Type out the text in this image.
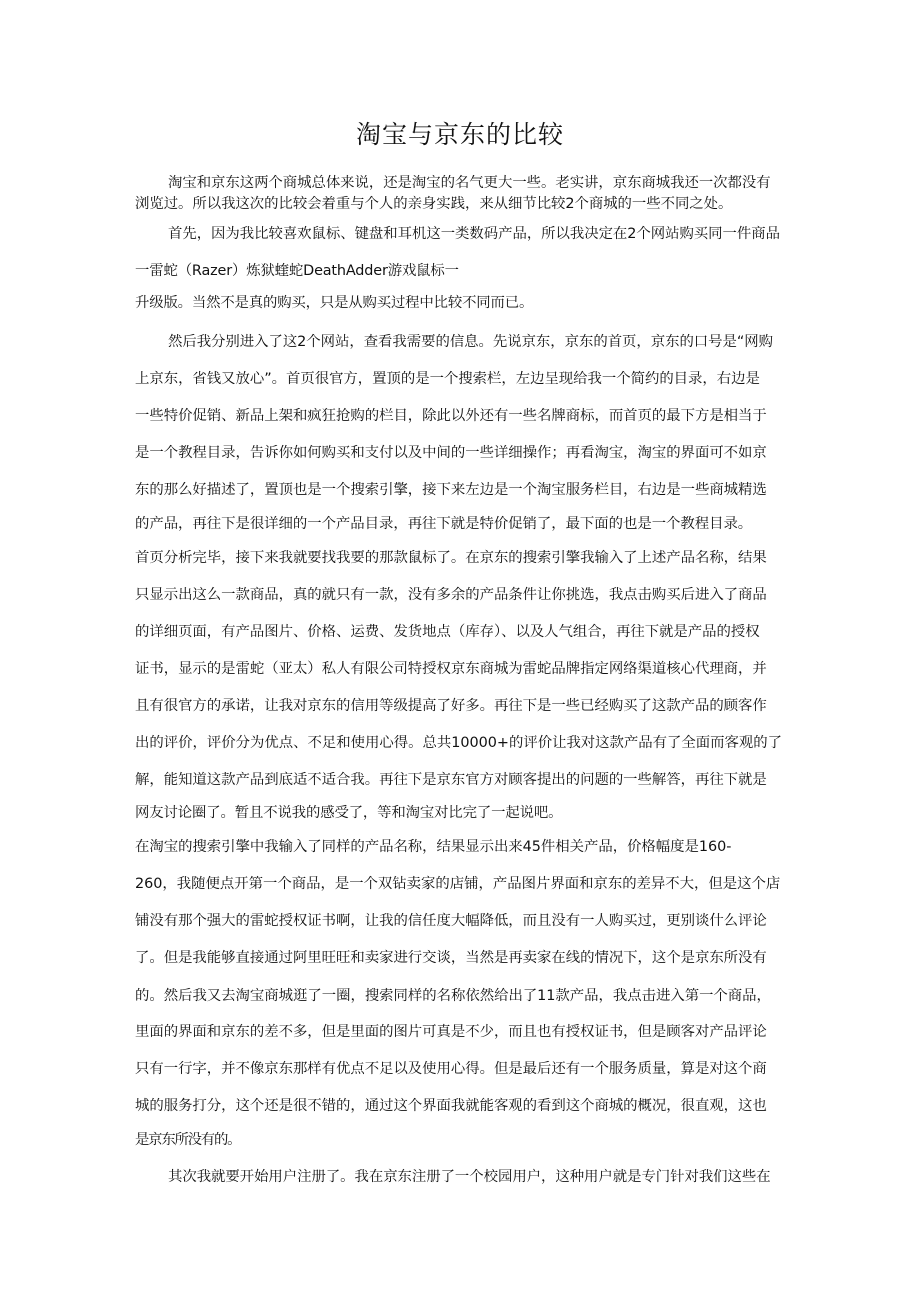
淘宝与京东的比较
淘宝和京东这两个商城总体来说，还是淘宝的名气更大一些。老实讲，京东商城我还一次都没有
浏览过。所以我这次的比较会着重与个人的亲身实践，来从细节比较2个商城的一些不同之处。
首先，因为我比较喜欢鼠标、键盘和耳机这一类数码产品，所以我决定在2个网站购买同一件商品
一雷蛇（Razer）炼狱蝰蛇DeathAdder游戏鼠标一
升级版。当然不是真的购买，只是从购买过程中比较不同而已。
然后我分别进入了这2个网站，查看我需要的信息。先说京东，京东的首页，京东的口号是“网购
上京东，省钱又放心”。首页很官方，置顶的是一个搜索栏，左边呈现给我一个简约的目录，右边是
一些特价促销、新品上架和疯狂抢购的栏目，除此以外还有一些名牌商标，而首页的最下方是相当于
是一个教程目录，告诉你如何购买和支付以及中间的一些详细操作；再看淘宝，淘宝的界面可不如京
东的那么好描述了，置顶也是一个搜索引擎，接下来左边是一个淘宝服务栏目，右边是一些商城精选
的产品，再往下是很详细的一个产品目录，再往下就是特价促销了，最下面的也是一个教程目录。
首页分析完毕，接下来我就要找我要的那款鼠标了。在京东的搜索引擎我输入了上述产品名称，结果
只显示出这么一款商品，真的就只有一款，没有多余的产品条件让你挑选，我点击购买后进入了商品
的详细页面，有产品图片、价格、运费、发货地点（库存）、以及人气组合，再往下就是产品的授权
证书，显示的是雷蛇（亚太）私人有限公司特授权京东商城为雷蛇品牌指定网络渠道核心代理商，并
且有很官方的承诺，让我对京东的信用等级提高了好多。再往下是一些已经购买了这款产品的顾客作
出的评价，评价分为优点、不足和使用心得。总共10000+的评价让我对这款产品有了全面而客观的了
解，能知道这款产品到底适不适合我。再往下是京东官方对顾客提出的问题的一些解答，再往下就是
网友讨论圈了。暂且不说我的感受了，等和淘宝对比完了一起说吧。
在淘宝的搜索引擎中我输入了同样的产品名称，结果显示出来45件相关产品，价格幅度是160-
260，我随便点开第一个商品，是一个双钻卖家的店铺，产品图片界面和京东的差异不大，但是这个店
铺没有那个强大的雷蛇授权证书啊，让我的信任度大幅降低，而且没有一人购买过，更别谈什么评论
了。但是我能够直接通过阿里旺旺和卖家进行交谈，当然是再卖家在线的情况下，这个是京东所没有
的。然后我又去淘宝商城逛了一圈，搜索同样的名称依然给出了11款产品，我点击进入第一个商品，
里面的界面和京东的差不多，但是里面的图片可真是不少，而且也有授权证书，但是顾客对产品评论
只有一行字，并不像京东那样有优点不足以及使用心得。但是最后还有一个服务质量，算是对这个商
城的服务打分，这个还是很不错的，通过这个界面我就能客观的看到这个商城的概况，很直观，这也
是京东所没有的。
其次我就要开始用户注册了。我在京东注册了一个校园用户，这种用户就是专门针对我们这些在
